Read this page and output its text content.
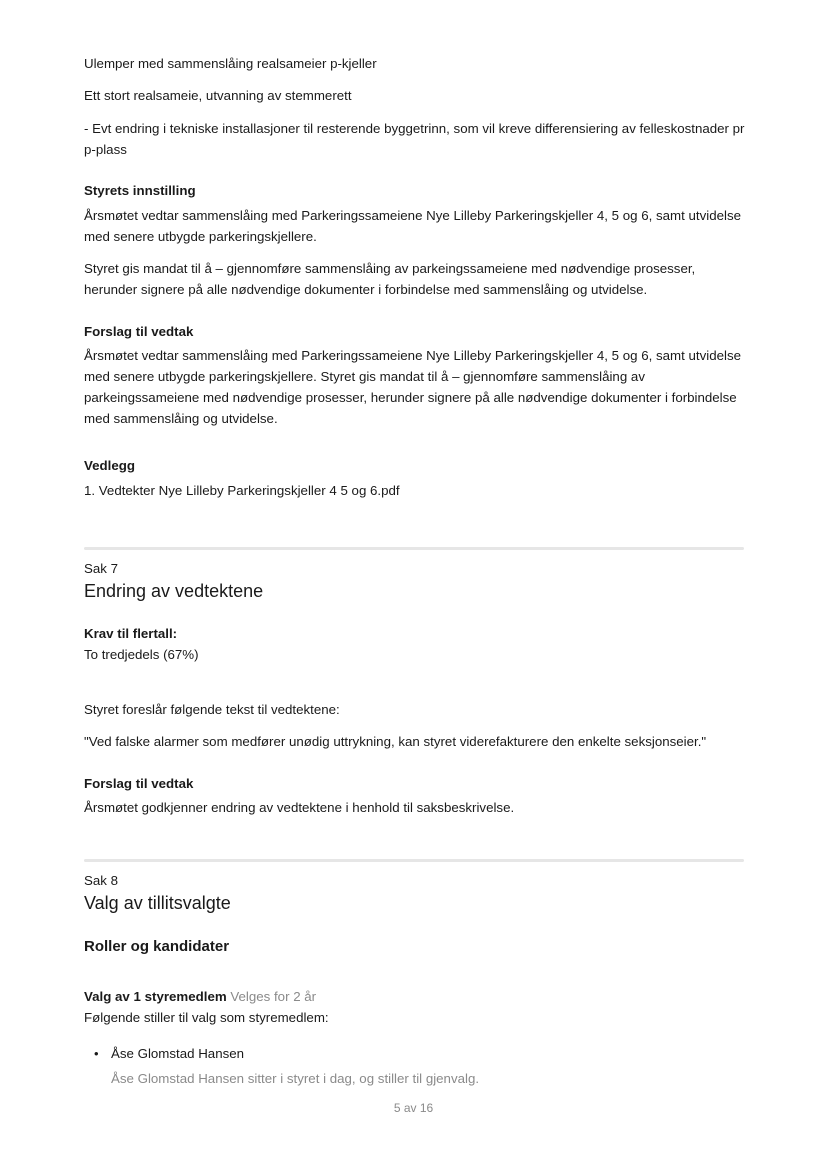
Ulemper med sammenslåing realsameier p-kjeller
Ett stort realsameie, utvanning av stemmerett
- Evt endring i tekniske installasjoner til resterende byggetrinn, som vil kreve differensiering av felleskostnader pr p-plass
Styrets innstilling
Årsmøtet vedtar sammenslåing med Parkeringssameiene Nye Lilleby Parkeringskjeller 4, 5 og 6, samt utvidelse med senere utbygde parkeringskjellere.
Styret gis mandat til å – gjennomføre sammenslåing av parkeingssameiene med nødvendige prosesser, herunder signere på alle nødvendige dokumenter i forbindelse med sammenslåing og utvidelse.
Forslag til vedtak
Årsmøtet vedtar sammenslåing med Parkeringssameiene Nye Lilleby Parkeringskjeller 4, 5 og 6, samt utvidelse med senere utbygde parkeringskjellere. Styret gis mandat til å – gjennomføre sammenslåing av parkeingssameiene med nødvendige prosesser, herunder signere på alle nødvendige dokumenter i forbindelse med sammenslåing og utvidelse.
Vedlegg
1. Vedtekter Nye Lilleby Parkeringskjeller 4 5 og 6.pdf
Sak 7
Endring av vedtektene
Krav til flertall:
To tredjedels (67%)
Styret foreslår følgende tekst til vedtektene:
"Ved falske alarmer som medfører unødig uttrykning, kan styret viderefakturere den enkelte seksjonseier."
Forslag til vedtak
Årsmøtet godkjenner endring av vedtektene i henhold til saksbeskrivelse.
Sak 8
Valg av tillitsvalgte
Roller og kandidater
Valg av 1 styremedlem Velges for 2 år
Følgende stiller til valg som styremedlem:
• Åse Glomstad Hansen
Åse Glomstad Hansen sitter i styret i dag, og stiller til gjenvalg.
5 av 16
